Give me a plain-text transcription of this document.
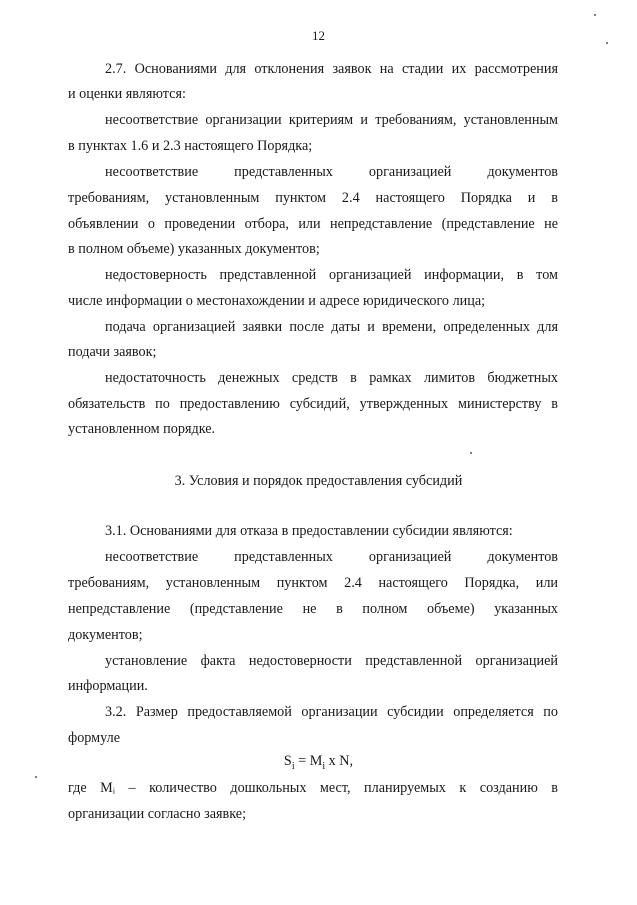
12
2.7. Основаниями для отклонения заявок на стадии их рассмотрения
и оценки являются:
несоответствие организации критериям и требованиям, установленным
в пунктах 1.6 и 2.3 настоящего Порядка;
несоответствие представленных организацией документов
требованиям, установленным пунктом 2.4 настоящего Порядка и в
объявлении о проведении отбора, или непредставление (представление не
в полном объеме) указанных документов;
недостоверность представленной организацией информации, в том
числе информации о местонахождении и адресе юридического лица;
подача организацией заявки после даты и времени, определенных для
подачи заявок;
недостаточность денежных средств в рамках лимитов бюджетных
обязательств по предоставлению субсидий, утвержденных министерству в
установленном порядке.
3. Условия и порядок предоставления субсидий
3.1. Основаниями для отказа в предоставлении субсидии являются:
несоответствие представленных организацией документов
требованиям, установленным пунктом 2.4 настоящего Порядка, или
непредставление (представление не в полном объеме) указанных
документов;
установление факта недостоверности представленной организацией
информации.
3.2. Размер предоставляемой организации субсидии определяется по
формуле
$S_i = M_i$ x N,
где Mᵢ – количество дошкольных мест, планируемых к созданию в
организации согласно заявке;
